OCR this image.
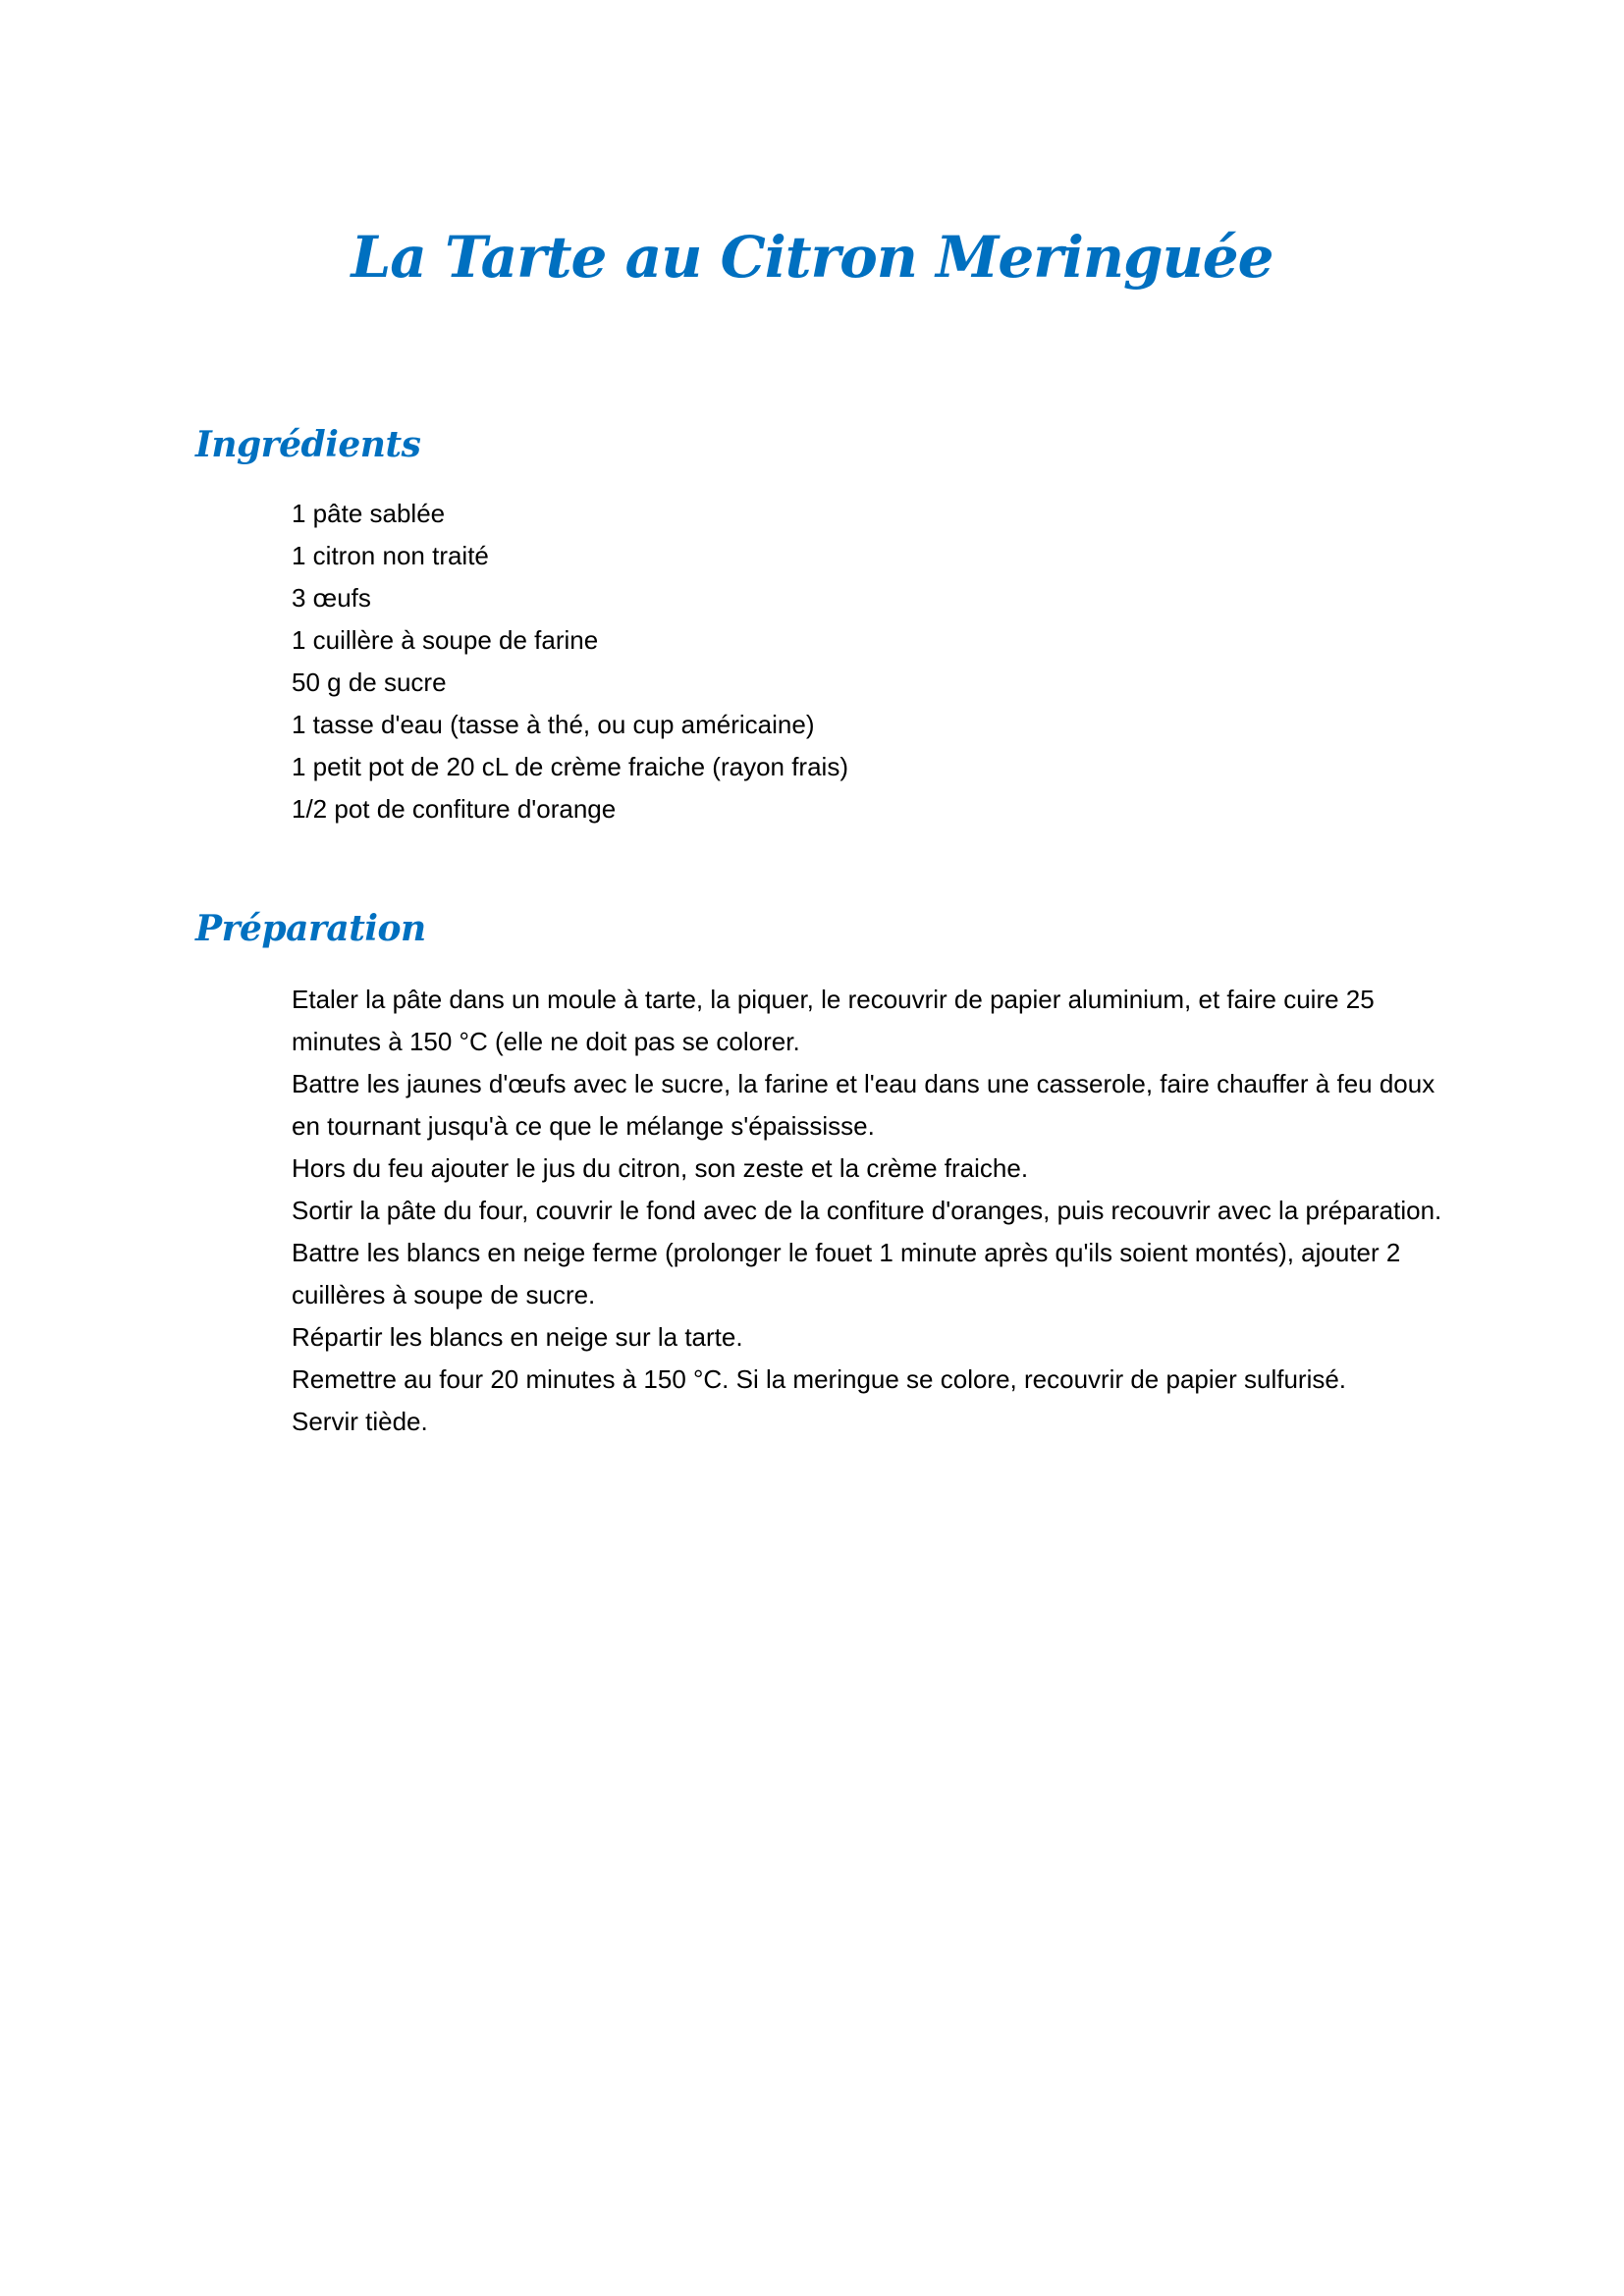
La Tarte au Citron Meringuée
Ingrédients
1 pâte sablée
1 citron non traité
3 œufs
1 cuillère à soupe de farine
50 g de sucre
1 tasse d'eau (tasse à thé, ou cup américaine)
1 petit pot de 20 cL de crème fraiche (rayon frais)
1/2 pot de confiture d'orange
Préparation
Etaler la pâte dans un moule à tarte, la piquer, le recouvrir de papier aluminium, et faire cuire 25 minutes à 150 °C (elle ne doit pas se colorer.
Battre les jaunes d'œufs avec le sucre, la farine et l'eau dans une casserole, faire chauffer à feu doux en tournant jusqu'à ce que le mélange s'épaississe.
Hors du feu ajouter le jus du citron, son zeste et la crème fraiche.
Sortir la pâte du four, couvrir le fond avec de la confiture d'oranges, puis recouvrir avec la préparation.
Battre les blancs en neige ferme (prolonger le fouet 1 minute après qu'ils soient montés), ajouter 2 cuillères à soupe de sucre.
Répartir les blancs en neige sur la tarte.
Remettre au four 20 minutes à 150 °C. Si la meringue se colore, recouvrir de papier sulfurisé.
Servir tiède.
